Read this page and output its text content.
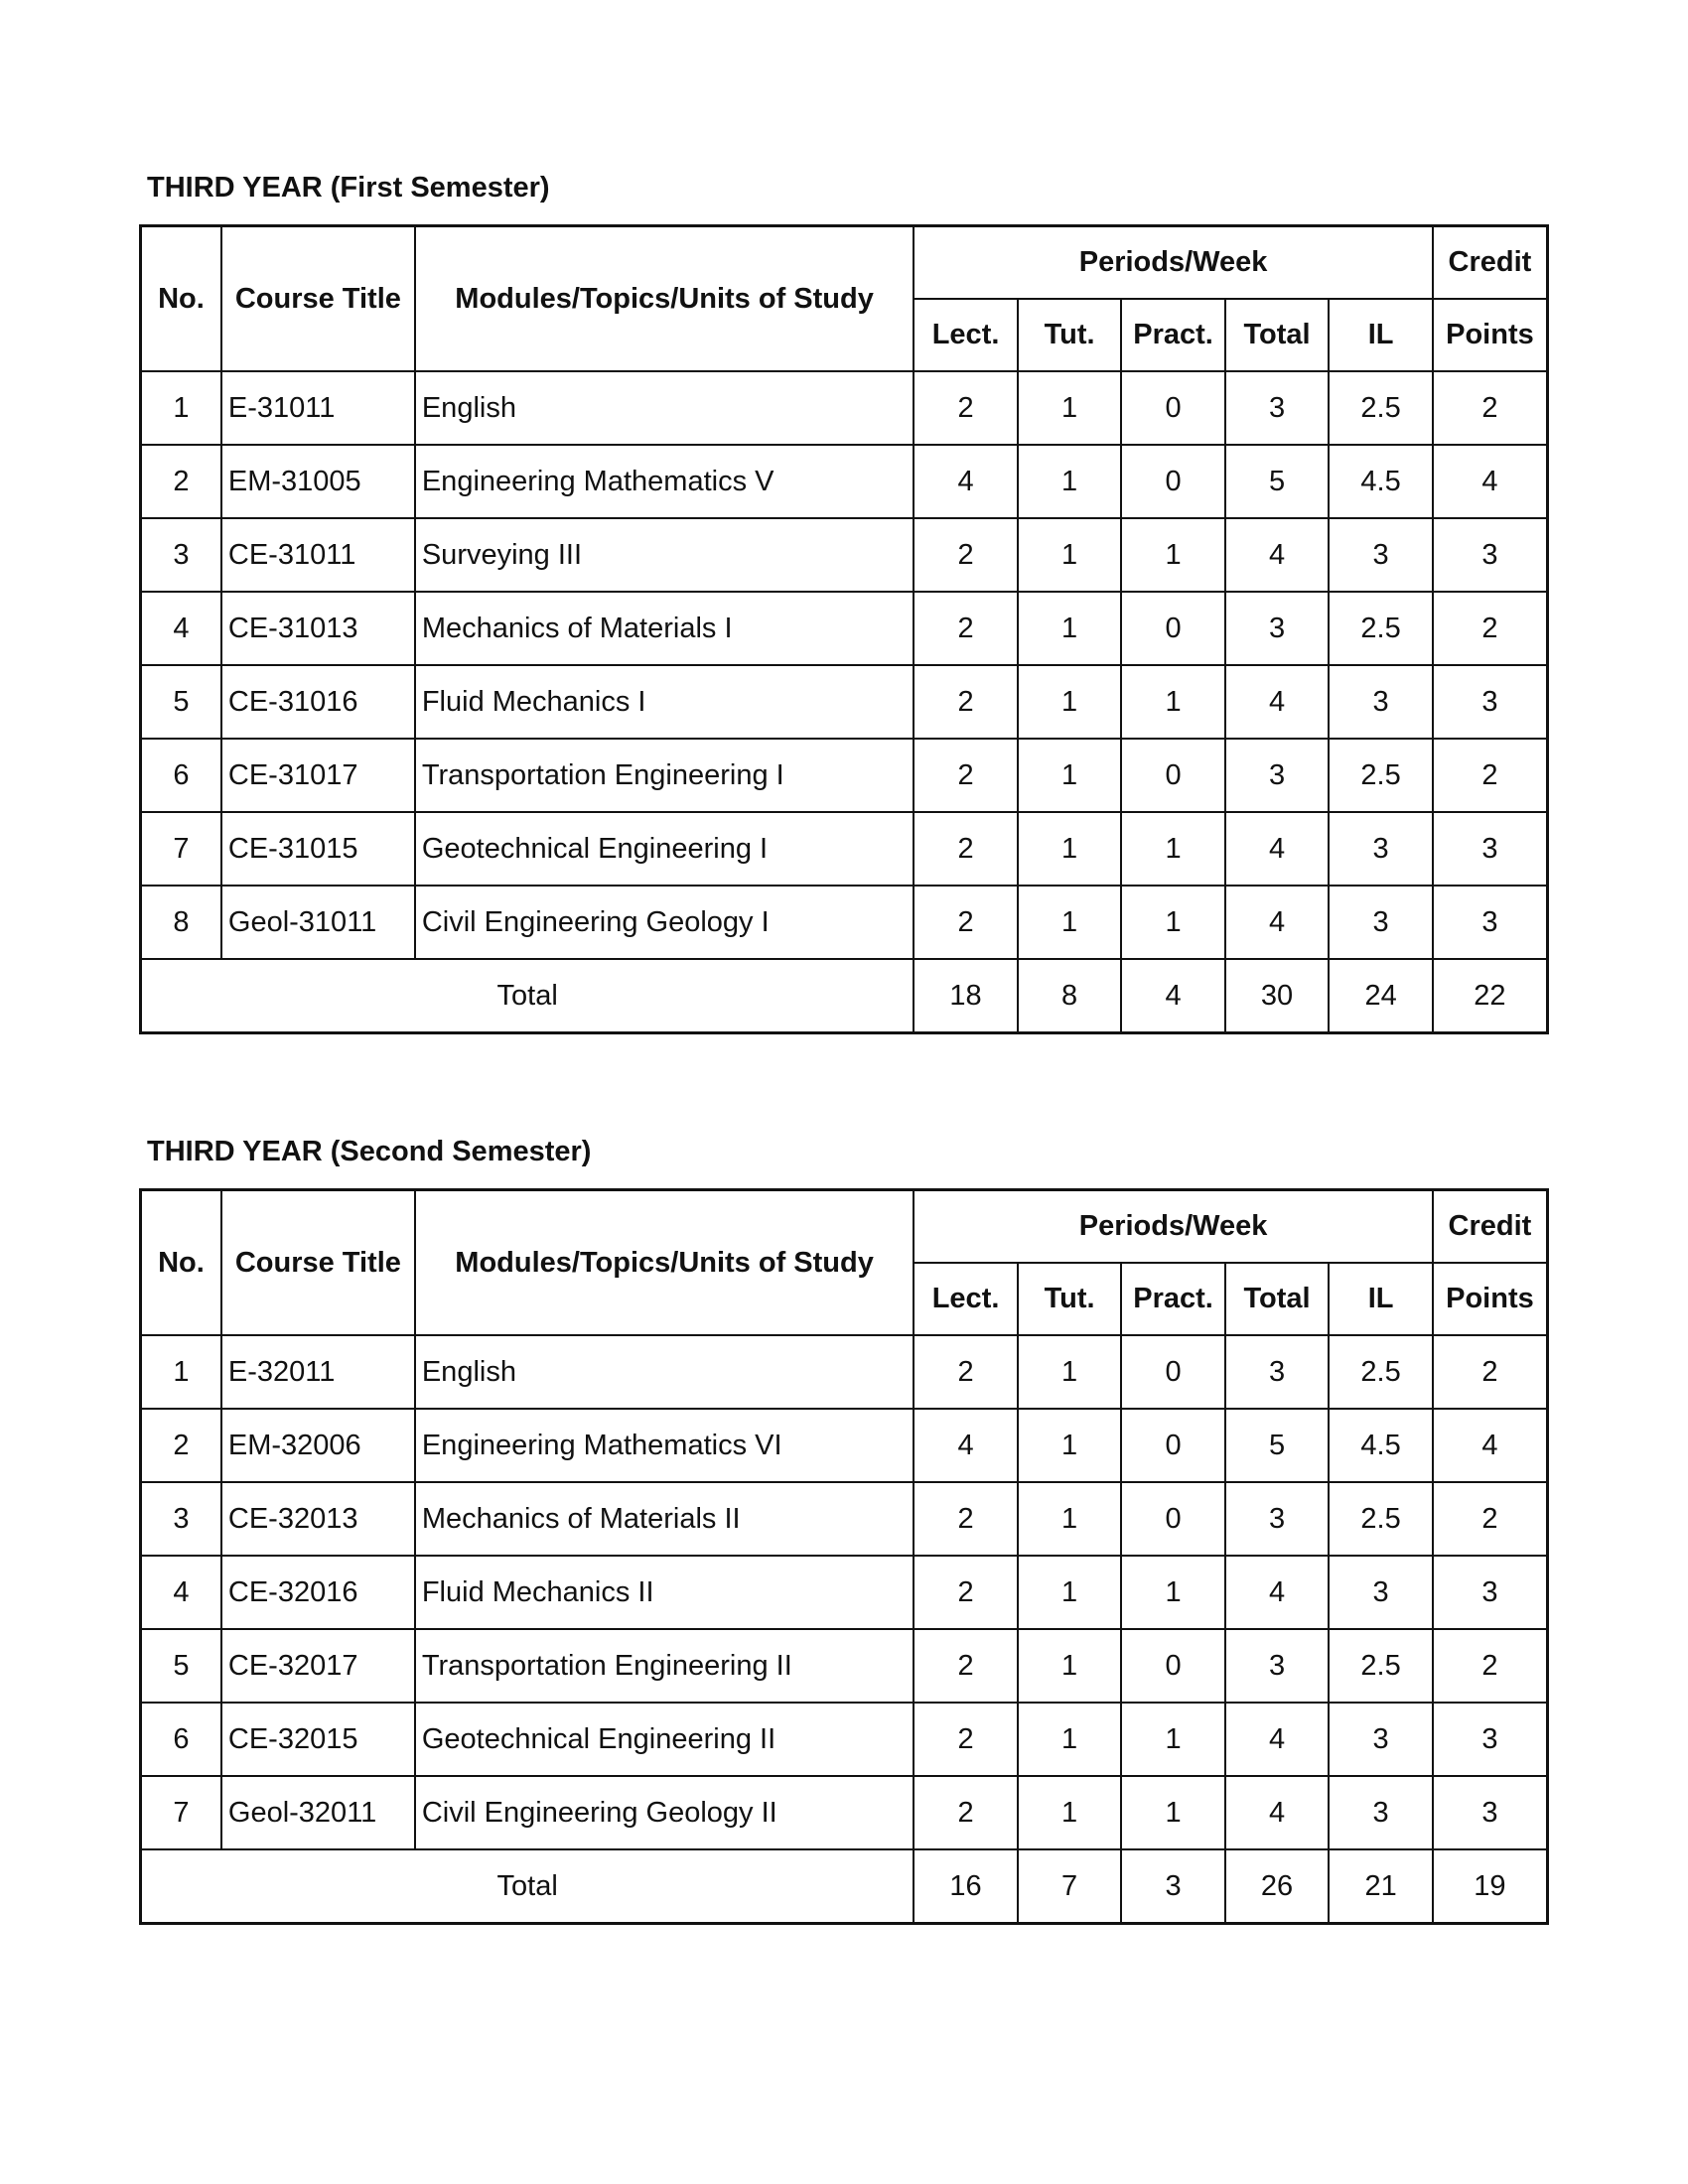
THIRD YEAR (First Semester)
No.	Course Title	Modules/Topics/Units of Study	Periods/Week					Credit
			Lect.	Tut.	Pract.	Total	IL	Points
1	E-31011	English	2	1	0	3	2.5	2
2	EM-31005	Engineering Mathematics V	4	1	0	5	4.5	4
3	CE-31011	Surveying III	2	1	1	4	3	3
4	CE-31013	Mechanics of Materials I	2	1	0	3	2.5	2
5	CE-31016	Fluid Mechanics I	2	1	1	4	3	3
6	CE-31017	Transportation Engineering I	2	1	0	3	2.5	2
7	CE-31015	Geotechnical Engineering I	2	1	1	4	3	3
8	Geol-31011	Civil Engineering Geology I	2	1	1	4	3	3
Total			18	8	4	30	24	22
THIRD YEAR (Second Semester)
No.	Course Title	Modules/Topics/Units of Study	Periods/Week					Credit
			Lect.	Tut.	Pract.	Total	IL	Points
1	E-32011	English	2	1	0	3	2.5	2
2	EM-32006	Engineering Mathematics VI	4	1	0	5	4.5	4
3	CE-32013	Mechanics of Materials II	2	1	0	3	2.5	2
4	CE-32016	Fluid Mechanics II	2	1	1	4	3	3
5	CE-32017	Transportation Engineering II	2	1	0	3	2.5	2
6	CE-32015	Geotechnical Engineering II	2	1	1	4	3	3
7	Geol-32011	Civil Engineering Geology II	2	1	1	4	3	3
Total			16	7	3	26	21	19
